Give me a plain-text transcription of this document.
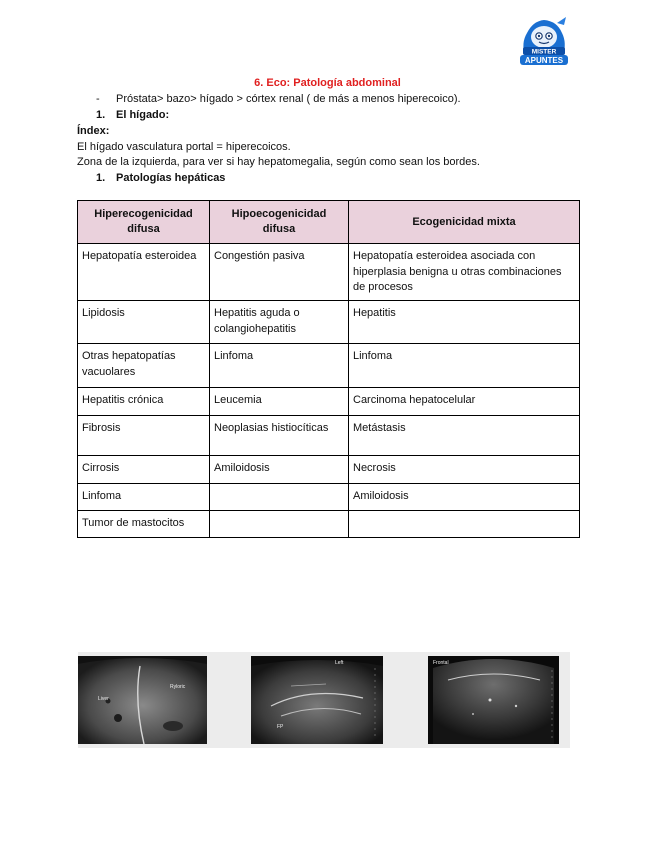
MISTER
APUNTES
6. Eco: Patología abdominal
- Próstata> bazo> hígado > córtex renal ( de más a menos hiperecoico).
1. El hígado:
Índex:
El hígado vasculatura portal = hiperecoicos.
Zona de la izquierda, para ver si hay hepatomegalia, según como sean los bordes.
1. Patologías hepáticas
Hiperecogenicidad difusa	Hipoecogenicidad difusa	Ecogenicidad mixta
Hepatopatía esteroidea	Congestión pasiva	Hepatopatía esteroidea asociada con hiperplasia benigna u otras combinaciones de procesos
Lipidosis	Hepatitis aguda o colangiohepatitis	Hepatitis
Otras hepatopatías vacuolares	Linfoma	Linfoma
Hepatitis crónica	Leucemia	Carcinoma hepatocelular
Fibrosis	Neoplasias histiocíticas	Metástasis
Cirrosis	Amiloidosis	Necrosis
Linfoma		Amiloidosis
Tumor de mastocitos		
Liver
Ryloric
Left
FP
Frontal
